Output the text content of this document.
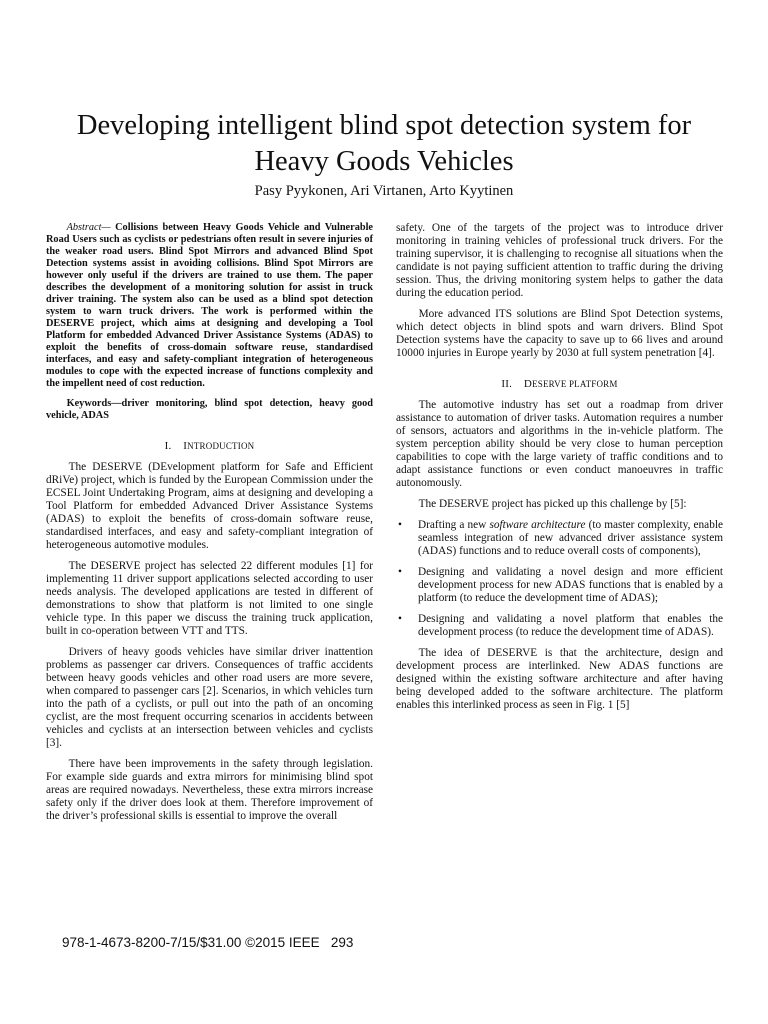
Developing intelligent blind spot detection system for
Heavy Goods Vehicles

Pasy Pyykonen, Ari Virtanen, Arto Kyytinen

Abstract— Collisions between Heavy Goods Vehicle and Vulnerable Road Users such as cyclists or pedestrians often result in severe injuries of the weaker road users. Blind Spot Mirrors and advanced Blind Spot Detection systems assist in avoiding collisions. Blind Spot Mirrors are however only useful if the drivers are trained to use them. The paper describes the development of a monitoring solution for assist in truck driver training. The system also can be used as a blind spot detection system to warn truck drivers. The work is performed within the DESERVE project, which aims at designing and developing a Tool Platform for embedded Advanced Driver Assistance Systems (ADAS) to exploit the benefits of cross-domain software reuse, standardised interfaces, and easy and safety-compliant integration of heterogeneous modules to cope with the expected increase of functions complexity and the impellent need of cost reduction.

Keywords—driver monitoring, blind spot detection, heavy good vehicle, ADAS

I. INTRODUCTION

The DESERVE (DEvelopment platform for Safe and Efficient dRiVe) project, which is funded by the European Commission under the ECSEL Joint Undertaking Program, aims at designing and developing a Tool Platform for embedded Advanced Driver Assistance Systems (ADAS) to exploit the benefits of cross-domain software reuse, standardised interfaces, and easy and safety-compliant integration of heterogeneous automotive modules.

The DESERVE project has selected 22 different modules [1] for implementing 11 driver support applications selected according to user needs analysis. The developed applications are tested in different of demonstrations to show that platform is not limited to one single vehicle type. In this paper we discuss the training truck application, built in co-operation between VTT and TTS.

Drivers of heavy goods vehicles have similar driver inattention problems as passenger car drivers. Consequences of traffic accidents between heavy goods vehicles and other road users are more severe, when compared to passenger cars [2]. Scenarios, in which vehicles turn into the path of a cyclists, or pull out into the path of an oncoming cyclist, are the most frequent occurring scenarios in accidents between vehicles and cyclists at an intersection between vehicles and cyclists [3].

There have been improvements in the safety through legislation. For example side guards and extra mirrors for minimising blind spot areas are required nowadays. Nevertheless, these extra mirrors increase safety only if the driver does look at them. Therefore improvement of the driver’s professional skills is essential to improve the overall

safety. One of the targets of the project was to introduce driver monitoring in training vehicles of professional truck drivers. For the training supervisor, it is challenging to recognise all situations when the candidate is not paying sufficient attention to traffic during the driving session. Thus, the driving monitoring system helps to gather the data during the education period.

More advanced ITS solutions are Blind Spot Detection systems, which detect objects in blind spots and warn drivers. Blind Spot Detection systems have the capacity to save up to 66 lives and around 10000 injuries in Europe yearly by 2030 at full system penetration [4].

II. DESERVE PLATFORM

The automotive industry has set out a roadmap from driver assistance to automation of driver tasks. Automation requires a number of sensors, actuators and algorithms in the in-vehicle platform. The system perception ability should be very close to human perception capabilities to cope with the large variety of traffic conditions and to adapt assistance functions or even conduct manoeuvres in traffic autonomously.

The DESERVE project has picked up this challenge by [5]:

• Drafting a new software architecture (to master complexity, enable seamless integration of new advanced driver assistance system (ADAS) functions and to reduce overall costs of components),
• Designing and validating a novel design and more efficient development process for new ADAS functions that is enabled by a platform (to reduce the development time of ADAS);
• Designing and validating a novel platform that enables the development process (to reduce the development time of ADAS).

The idea of DESERVE is that the architecture, design and development process are interlinked. New ADAS functions are designed within the existing software architecture and after having being developed added to the software architecture. The platform enables this interlinked process as seen in Fig. 1 [5]

978-1-4673-8200-7/15/$31.00 ©2015 IEEE   293
